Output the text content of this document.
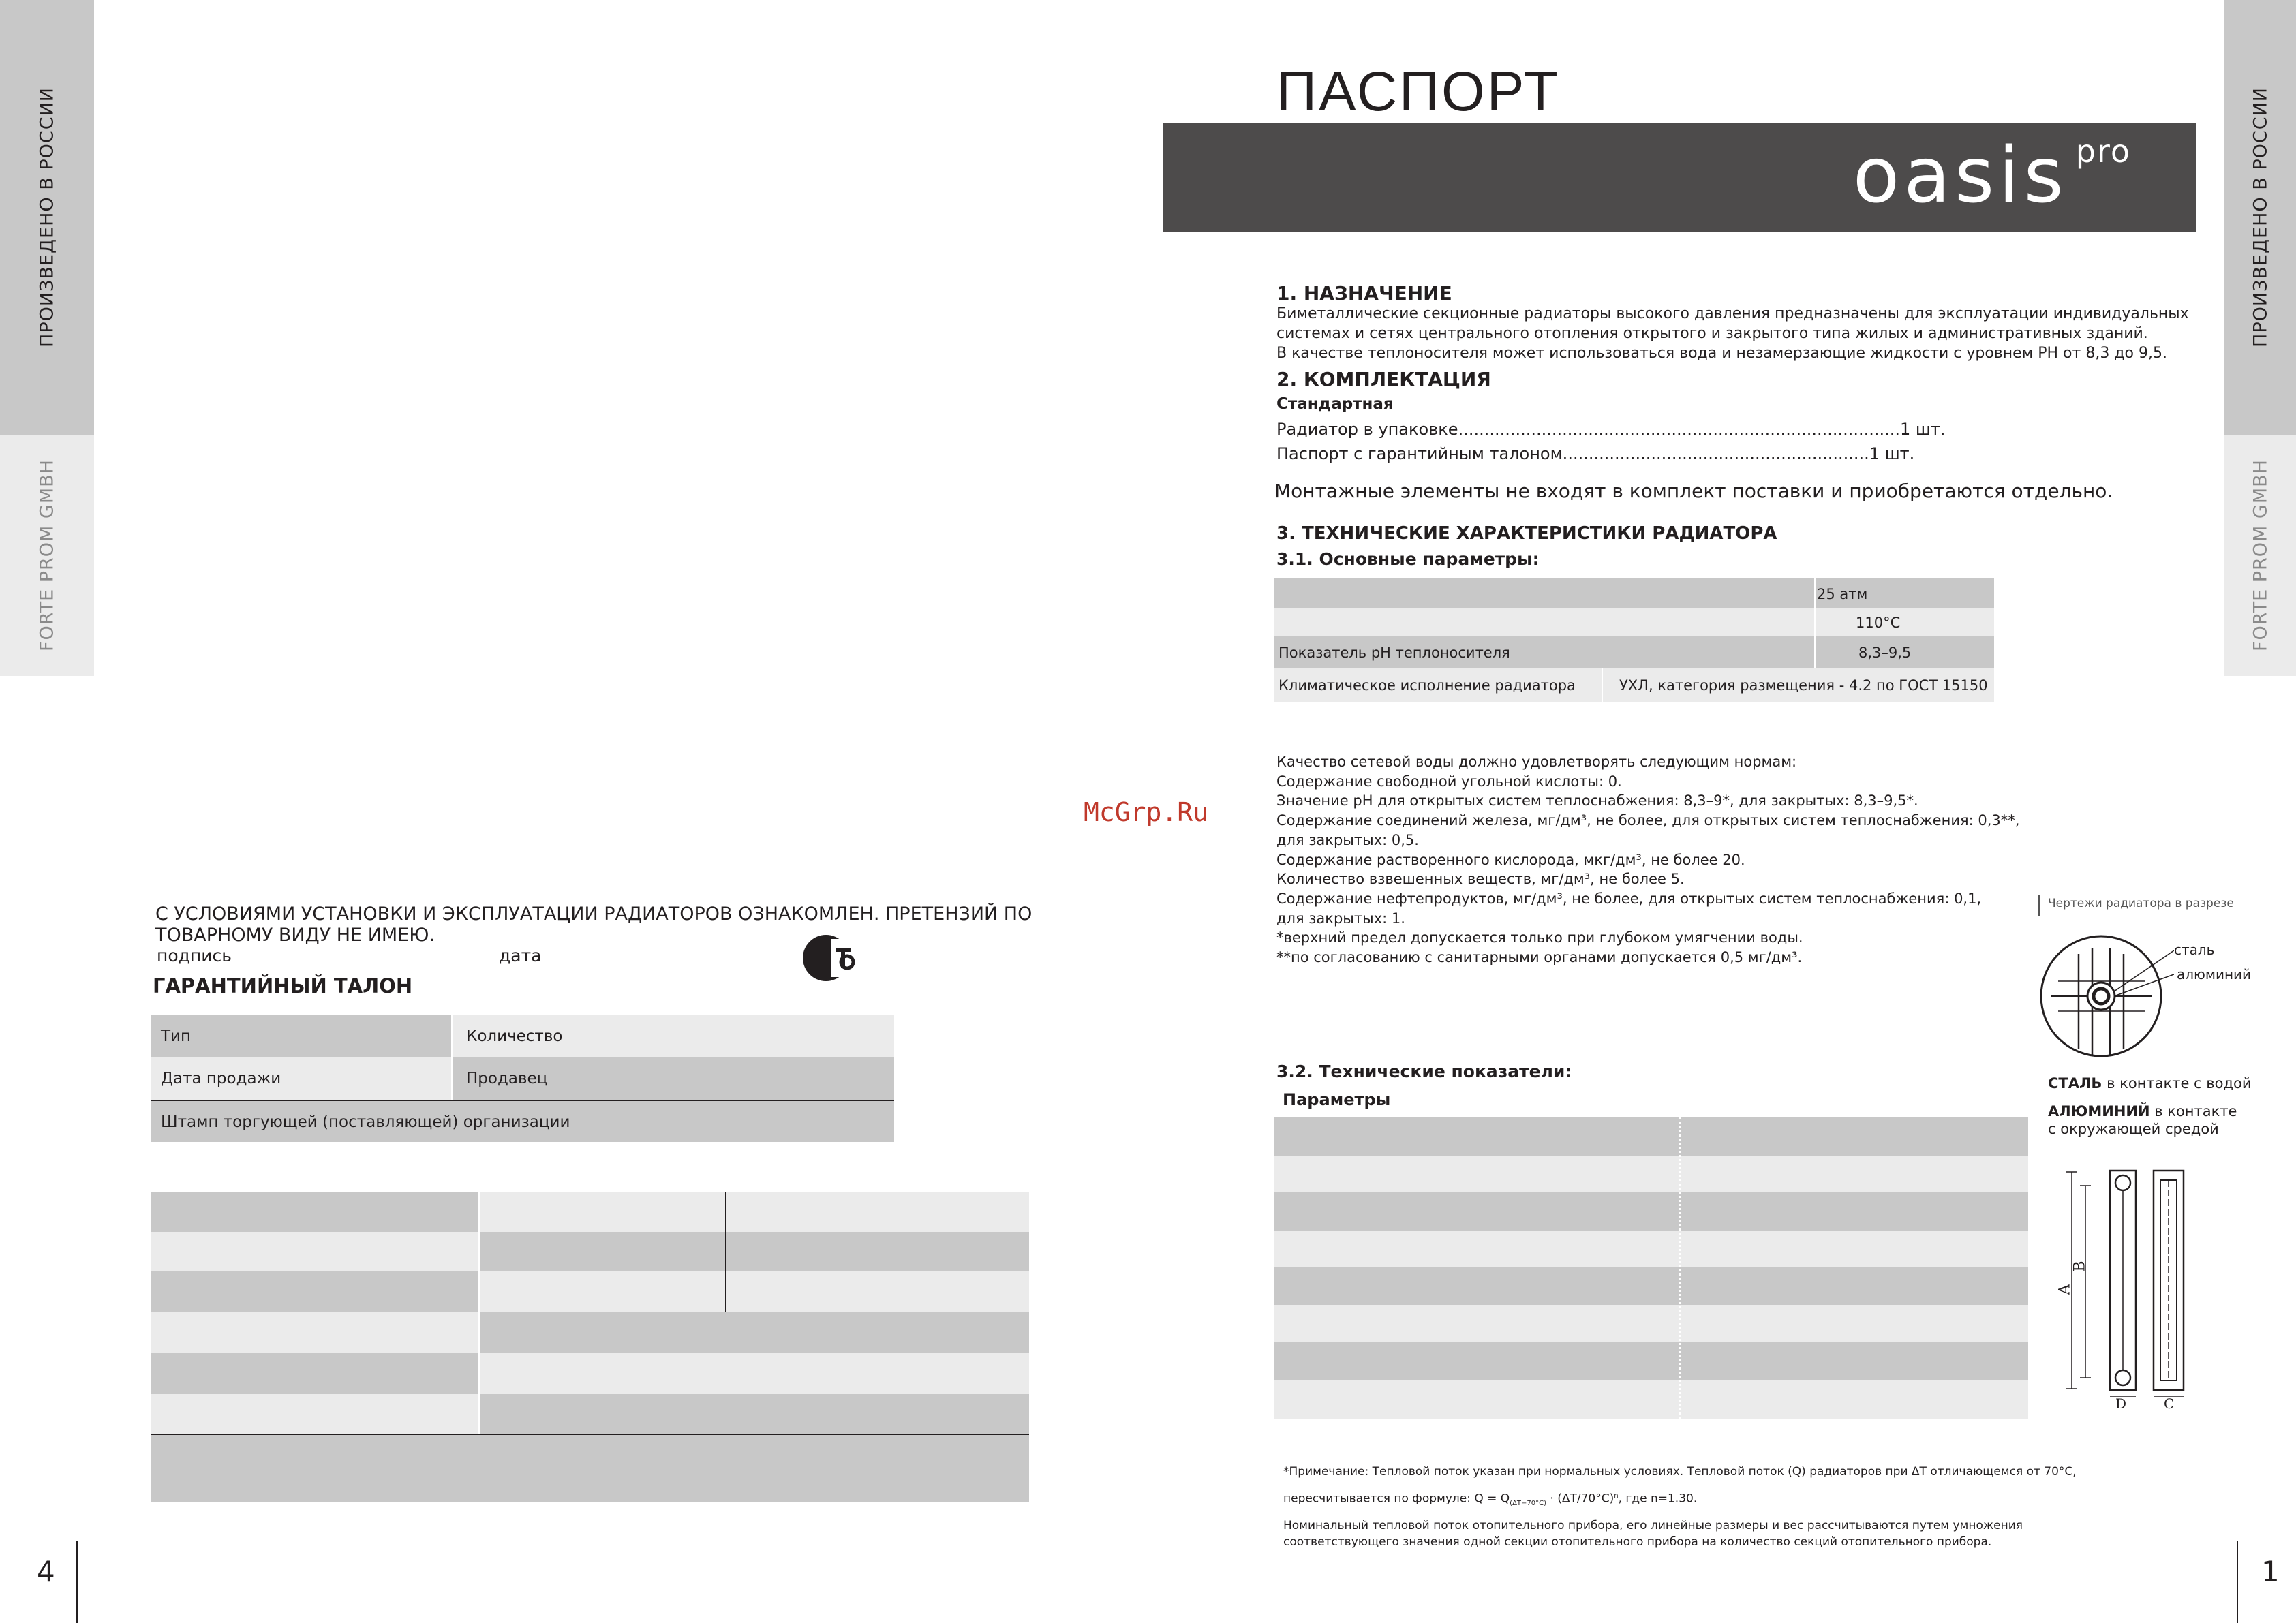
ПРОИЗВЕДЕНО В РОССИИ
FORTE PROM GMBH
ПРОИЗВЕДЕНО В РОССИИ
FORTE PROM GMBH
4	1
McGrp.Ru
ПАСПОРТ
oasis $^{pro}$
1. НАЗНАЧЕНИЕ
Биметаллические секционные радиаторы высокого давления предназначены для эксплуатации индивидуальных
системах и сетях центрального отопления открытого и закрытого типа жилых и административных зданий.
В качестве теплоносителя может использоваться вода и незамерзающие жидкости с уровнем PH от 8,3 до 9,5.
2. КОМПЛЕКТАЦИЯ
Стандартная
Радиатор в упаковке.....................................................................................1 шт.
Паспорт с гарантийным талоном...........................................................1 шт.
Монтажные элементы не входят в комплект поставки и приобретаются отдельно.
3. ТЕХНИЧЕСКИЕ ХАРАКТЕРИСТИКИ РАДИАТОРА
3.1. Основные параметры:
25 атм
110°С
Показатель рН теплоносителя	8,3–9,5
Климатическое исполнение радиатора	УХЛ, категория размещения - 4.2 по ГОСТ 15150
Качество сетевой воды должно удовлетворять следующим нормам:
Содержание свободной угольной кислоты: 0.
Значение pH для открытых систем теплоснабжения: 8,3–9*, для закрытых: 8,3–9,5*.
Содержание соединений железа, мг/дм³, не более, для открытых систем теплоснабжения: 0,3**,
для закрытых: 0,5.
Содержание растворенного кислорода, мкг/дм³, не более 20.
Количество взвешенных веществ, мг/дм³, не более 5.
Содержание нефтепродуктов, мг/дм³, не более, для открытых систем теплоснабжения: 0,1,
для закрытых: 1.
*верхний предел допускается только при глубоком умягчении воды.
**по согласованию с санитарными органами допускается 0,5 мг/дм³.
3.2. Технические показатели:
Параметры
Чертежи радиатора в разрезе
сталь
алюминий
СТАЛЬ в контакте с водой
АЛЮМИНИЙ в контакте
с окружающей средой
A
B
D	C
*Примечание: Тепловой поток указан при нормальных условиях. Тепловой поток (Q) радиаторов при ΔT отличающемся от 70°С,
пересчитывается по формуле: $Q = Q_{(\Delta T=70^\circ C)} \cdot (\Delta T/70^\circ C)^n$, где n=1.30.
Номинальный тепловой поток отопительного прибора, его линейные размеры и вес рассчитываются путем умножения
соответствующего значения одной секции отопительного прибора на количество секций отопительного прибора.
С УСЛОВИЯМИ УСТАНОВКИ И ЭКСПЛУАТАЦИИ РАДИАТОРОВ ОЗНАКОМЛЕН. ПРЕТЕНЗИЙ ПО
ТОВАРНОМУ ВИДУ НЕ ИМЕЮ.
подпись	дата
ГАРАНТИЙНЫЙ ТАЛОН
Тип	Количество
Дата продажи	Продавец
Штамп торгующей (поставляющей) организации
